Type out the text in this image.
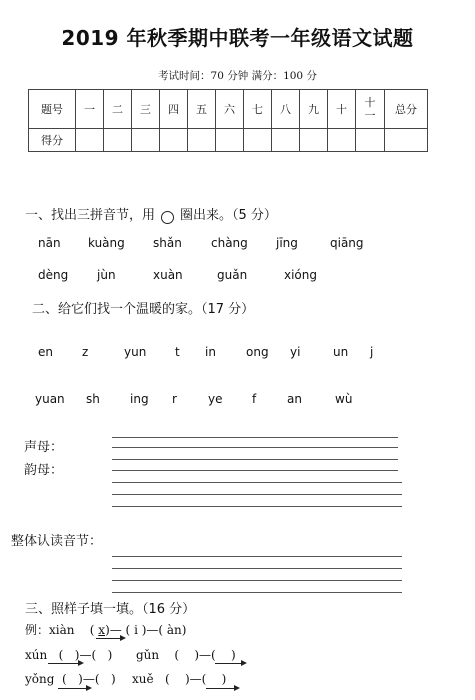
2019 年秋季期中联考一年级语文试题
考试时间：70 分钟 满分：100 分
题号	一	二	三	四	五	六	七	八	九	十	十一	总分
得分												
一、找出三拼音节，用 圈出来。（5 分）
nān kuàng shǎn chàng jīng	qiāng
dèng jùn	xuàn	guǎn	xióng
二、给它们找一个温暖的家。（17 分）
en z	yun t in	ong yi	un j
yuan sh	ing r	ye f	an	wù
声母：
韵母：
整体认读音节：
三、照样子填一填。（16 分）
例：xiàn    ( x)— ( i )—( àn)
xún   (   )—(   ) gǔn    (    )—(    )
yǒng  (   )—(   ) xuě   (    )—(    )
